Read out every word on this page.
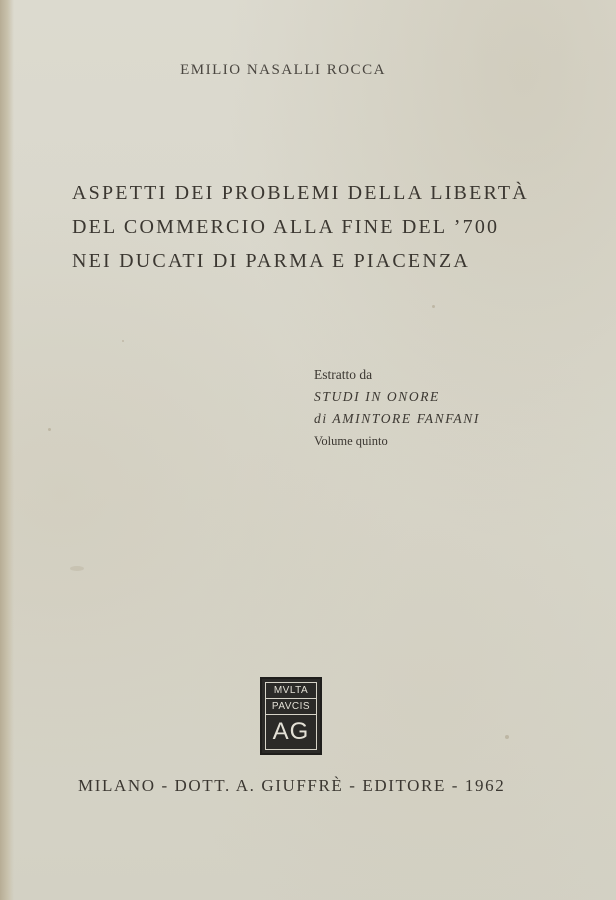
EMILIO NASALLI ROCCA
ASPETTI DEI PROBLEMI DELLA LIBERTÀ
DEL COMMERCIO ALLA FINE DEL ’700
NEI DUCATI DI PARMA E PIACENZA
Estratto da
STUDI IN ONORE
di AMINTORE FANFANI
Volume quinto
MVLTA
PAVCIS
AG
MILANO - DOTT. A. GIUFFRÈ - EDITORE - 1962
